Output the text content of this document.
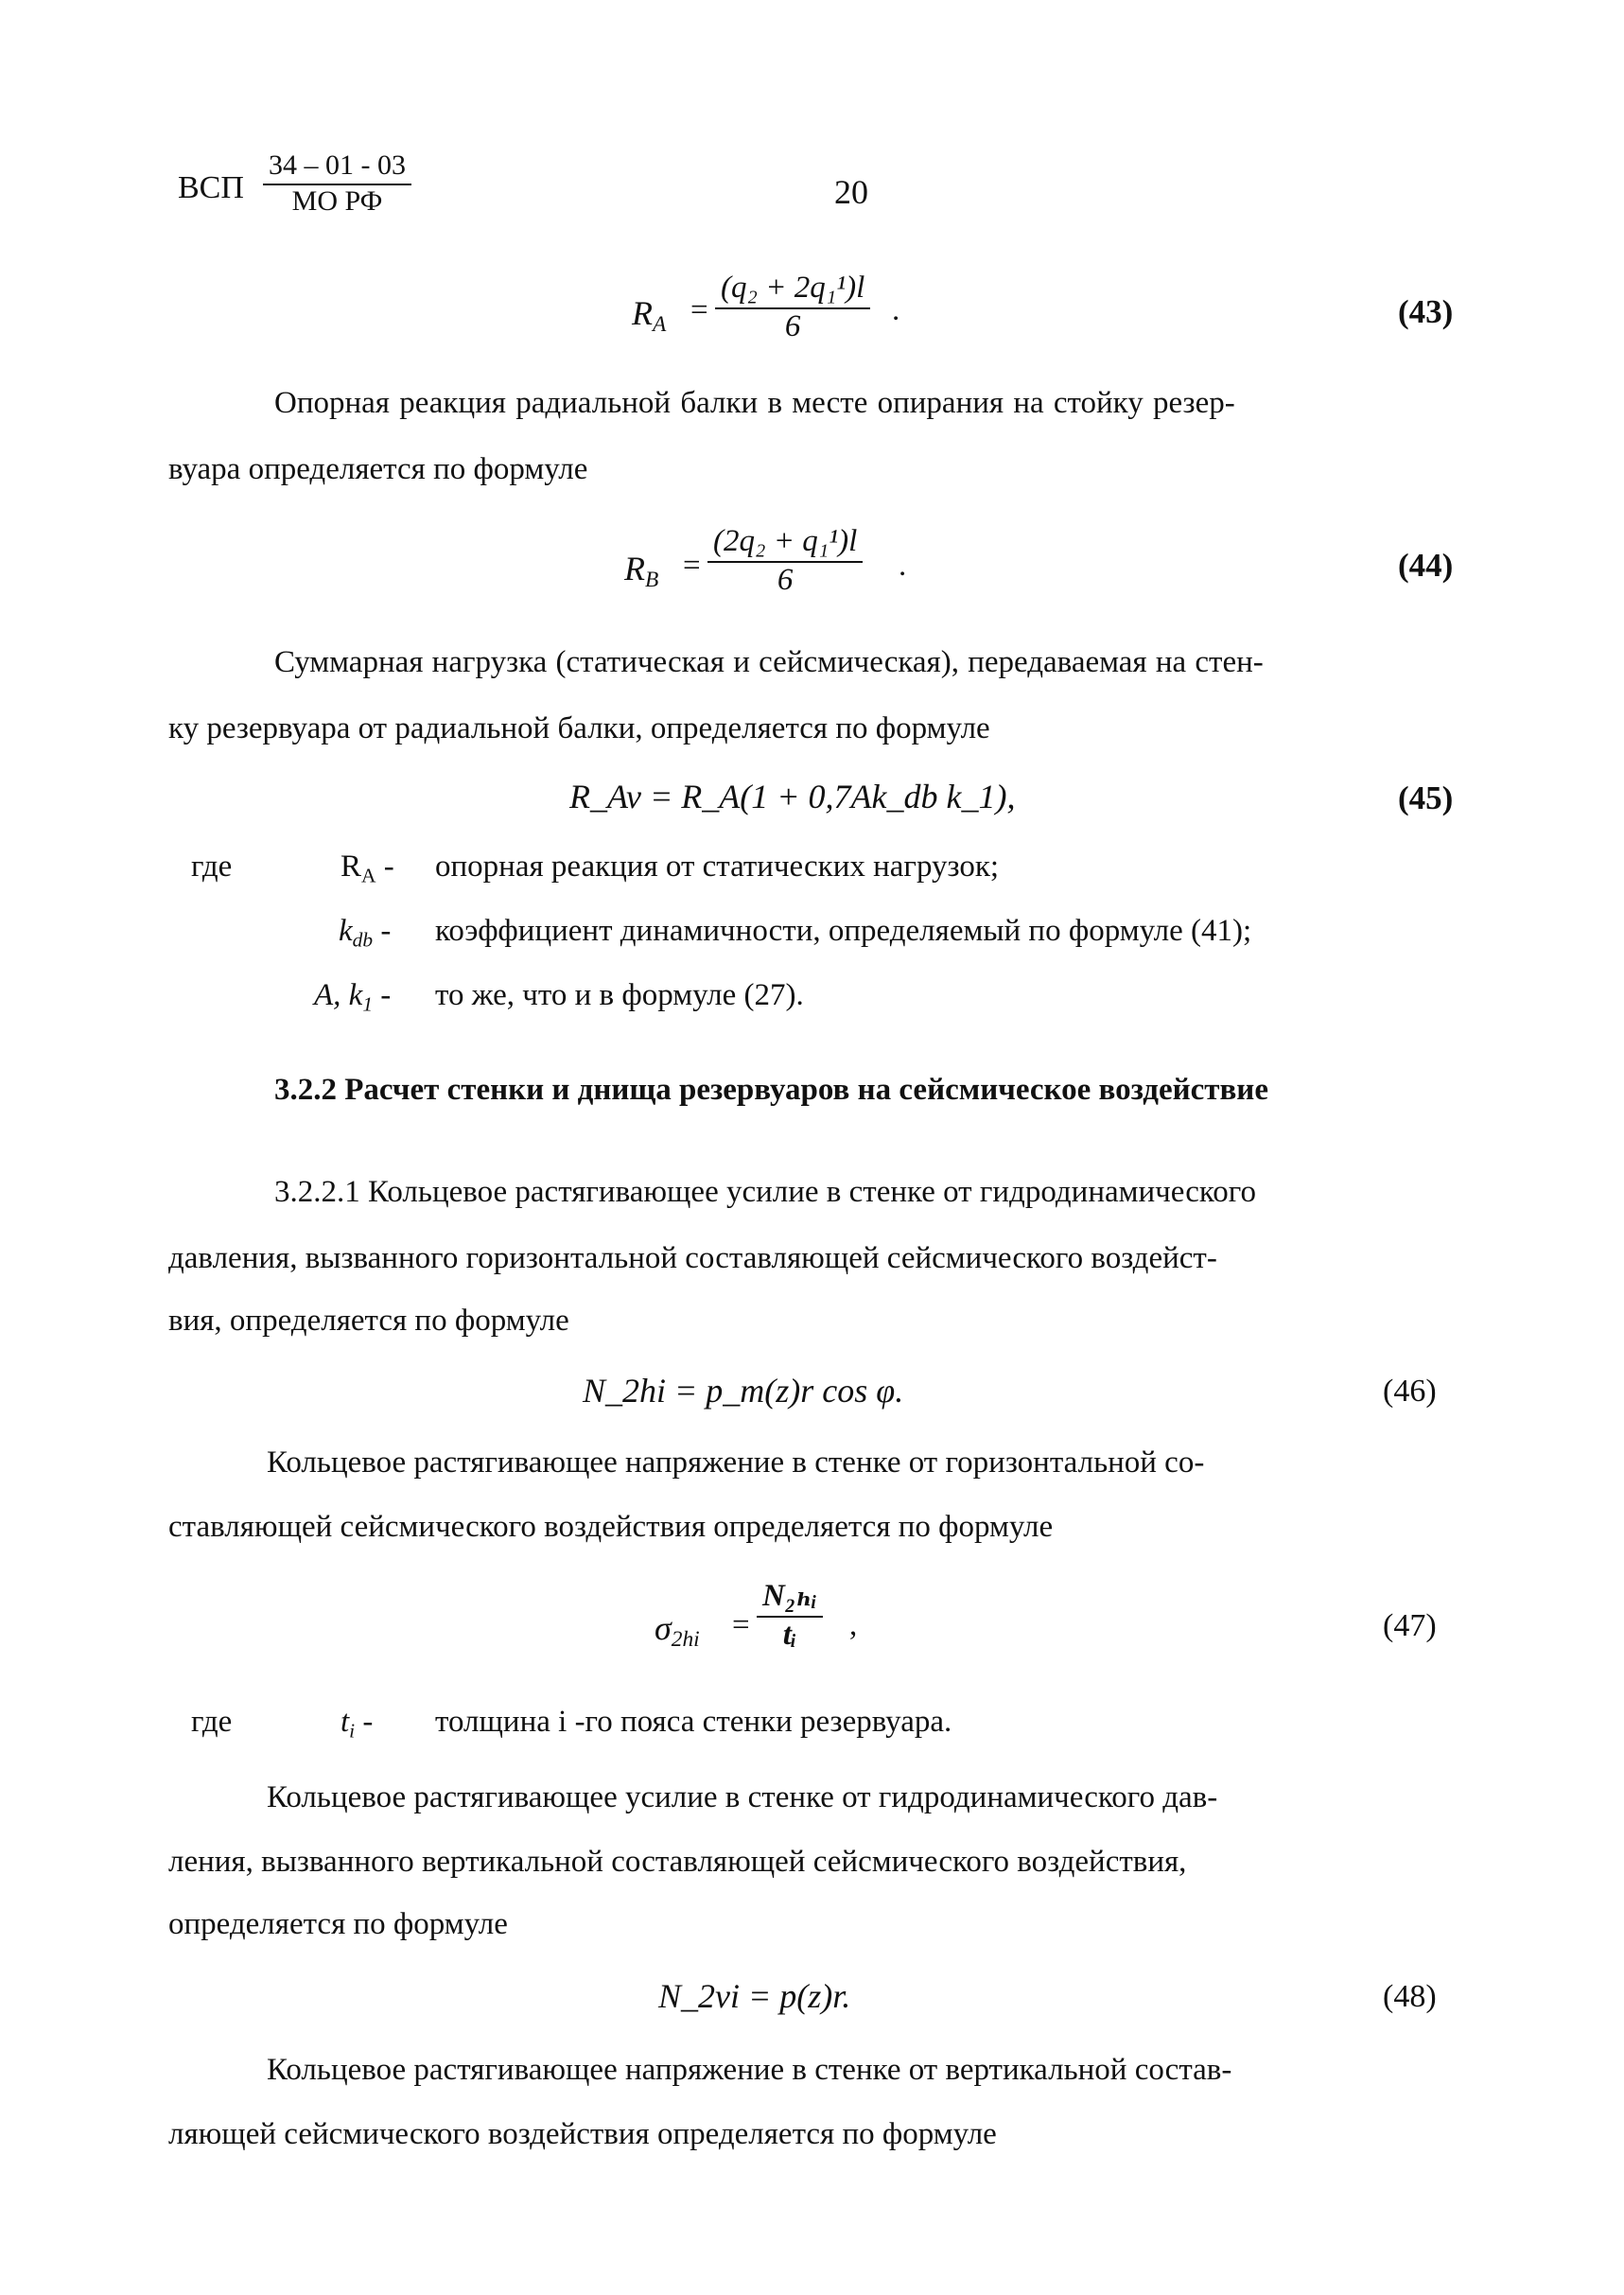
ВСП
34 – 01 - 03
МО РФ	20
$R_A = \frac{\text{(q₂ + 2q₁¹)l}}{6}$ .	(43)
Опорная реакция радиальной балки в месте опирания на стойку резер-
вуара определяется по формуле
$R_B = \frac{\text{(2q₂ + q₁¹)l}}{6}$ .	(44)
Суммарная нагрузка (статическая и сейсмическая), передаваемая на стен-
ку резервуара от радиальной балки, определяется по формуле
R_Av = R_A(1 + 0,7Ak_db k_1),	(45)
где	$R_A$ - опорная реакция от статических нагрузок;
$k_{db}$ - коэффициент динамичности, определяемый по формуле (41);
A, $k_1$ - то же, что и в формуле (27).
3.2.2 Расчет стенки и днища резервуаров на сейсмическое воздействие
3.2.2.1 Кольцевое растягивающее усилие в стенке от гидродинамического
давления, вызванного горизонтальной составляющей сейсмического воздейст-
вия, определяется по формуле
N_2hi = p_m(z)r cos φ.	(46)
Кольцевое растягивающее напряжение в стенке от горизонтальной со-
ставляющей сейсмического воздействия определяется по формуле
$\sigma_{2hi} = \frac{\text{N₂ₕᵢ}}{\text{tᵢ}}$ ,	(47)
где	$t_i$ - толщина i -го пояса стенки резервуара.
Кольцевое растягивающее усилие в стенке от гидродинамического дав-
ления, вызванного вертикальной составляющей сейсмического воздействия,
определяется по формуле
N_2vi = p(z)r.	(48)
Кольцевое растягивающее напряжение в стенке от вертикальной состав-
ляющей сейсмического воздействия определяется по формуле
